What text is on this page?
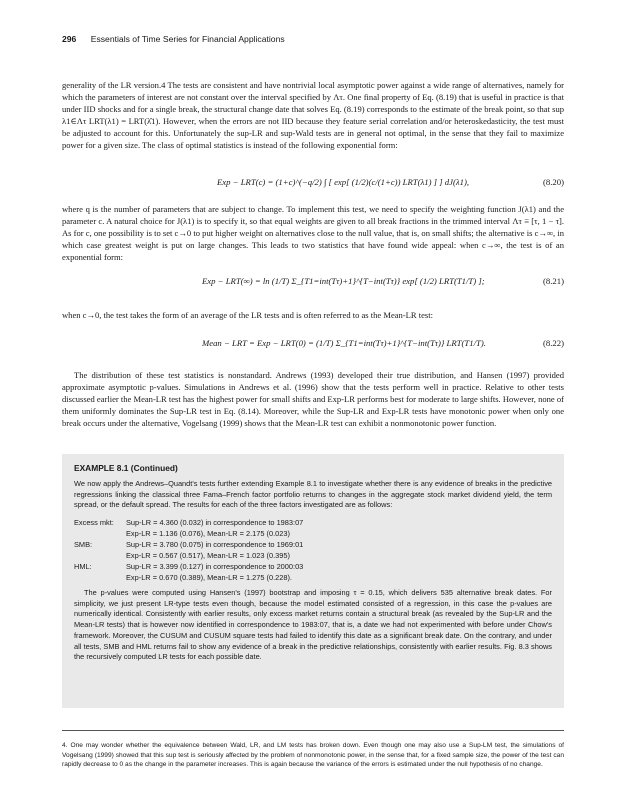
296 Essentials of Time Series for Financial Applications
generality of the LR version.4 The tests are consistent and have nontrivial local asymptotic power against a wide range of alternatives, namely for which the parameters of interest are not constant over the interval specified by Λτ. One final property of Eq. (8.19) that is useful in practice is that under IID shocks and for a single break, the structural change date that solves Eq. (8.19) corresponds to the estimate of the break point, so that sup λ1∈Λτ LRT(λ1) = LRT(λ̂1). However, when the errors are not IID because they feature serial correlation and/or heteroskedasticity, the test must be adjusted to account for this. Unfortunately the sup-LR and sup-Wald tests are in general not optimal, in the sense that they fail to maximize power for a given size. The class of optimal statistics is instead of the following exponential form:
Exp − LRT(c) = (1+c)^(−q/2) ∫ [ exp[ (1/2)(c/(1+c)) LRT(λ1) ] ] dJ(λ1),	(8.20)
where q is the number of parameters that are subject to change. To implement this test, we need to specify the weighting function J(λ1) and the parameter c. A natural choice for J(λ1) is to specify it, so that equal weights are given to all break fractions in the trimmed interval Λτ ≡ [τ, 1 − τ]. As for c, one possibility is to set c→0 to put higher weight on alternatives close to the null value, that is, on small shifts; the alternative is c→∞, in which case greatest weight is put on large changes. This leads to two statistics that have found wide appeal: when c→∞, the test is of an exponential form:
Exp − LRT(∞) = ln (1/T) Σ_{T1=int(Tτ)+1}^{T−int(Tτ)} exp[ (1/2) LRT(T1/T) ];	(8.21)
when c→0, the test takes the form of an average of the LR tests and is often referred to as the Mean-LR test:
Mean − LRT = Exp − LRT(0) = (1/T) Σ_{T1=int(Tτ)+1}^{T−int(Tτ)} LRT(T1/T).	(8.22)
The distribution of these test statistics is nonstandard. Andrews (1993) developed their true distribution, and Hansen (1997) provided approximate asymptotic p-values. Simulations in Andrews et al. (1996) show that the tests perform well in practice. Relative to other tests discussed earlier the Mean-LR test has the highest power for small shifts and Exp-LR performs best for moderate to large shifts. However, none of them uniformly dominates the Sup-LR test in Eq. (8.14). Moreover, while the Sup-LR and Exp-LR tests have monotonic power when only one break occurs under the alternative, Vogelsang (1999) shows that the Mean-LR test can exhibit a nonmonotonic power function.
EXAMPLE 8.1 (Continued)
We now apply the Andrews–Quandt's tests further extending Example 8.1 to investigate whether there is any evidence of breaks in the predictive regressions linking the classical three Fama–French factor portfolio returns to changes in the aggregate stock market dividend yield, the term spread, or the default spread. The results for each of the three factors investigated are as follows:
Excess mkt:	Sup-LR = 4.360 (0.032) in correspondence to 1983:07
Exp-LR = 1.136 (0.076), Mean-LR = 2.175 (0.023)
SMB:	Sup-LR = 3.780 (0.075) in correspondence to 1969:01
Exp-LR = 0.567 (0.517), Mean-LR = 1.023 (0.395)
HML:	Sup-LR = 3.399 (0.127) in correspondence to 2000:03
Exp-LR = 0.670 (0.389), Mean-LR = 1.275 (0.228).
The p-values were computed using Hansen's (1997) bootstrap and imposing τ = 0.15, which delivers 535 alternative break dates. For simplicity, we just present LR-type tests even though, because the model estimated consisted of a regression, in this case the p-values are numerically identical. Consistently with earlier results, only excess market returns contain a structural break (as revealed by the Sup-LR and the Mean-LR tests) that is however now identified in correspondence to 1983:07, that is, a date we had not experimented with before under Chow's framework. Moreover, the CUSUM and CUSUM square tests had failed to identify this date as a significant break date. On the contrary, and under all tests, SMB and HML returns fail to show any evidence of a break in the predictive relationships, consistently with earlier results. Fig. 8.3 shows the recursively computed LR tests for each possible date.
4. One may wonder whether the equivalence between Wald, LR, and LM tests has broken down. Even though one may also use a Sup-LM test, the simulations of Vogelsang (1999) showed that this sup test is seriously affected by the problem of nonmonotonic power, in the sense that, for a fixed sample size, the power of the test can rapidly decrease to 0 as the change in the parameter increases. This is again because the variance of the errors is estimated under the null hypothesis of no change.
